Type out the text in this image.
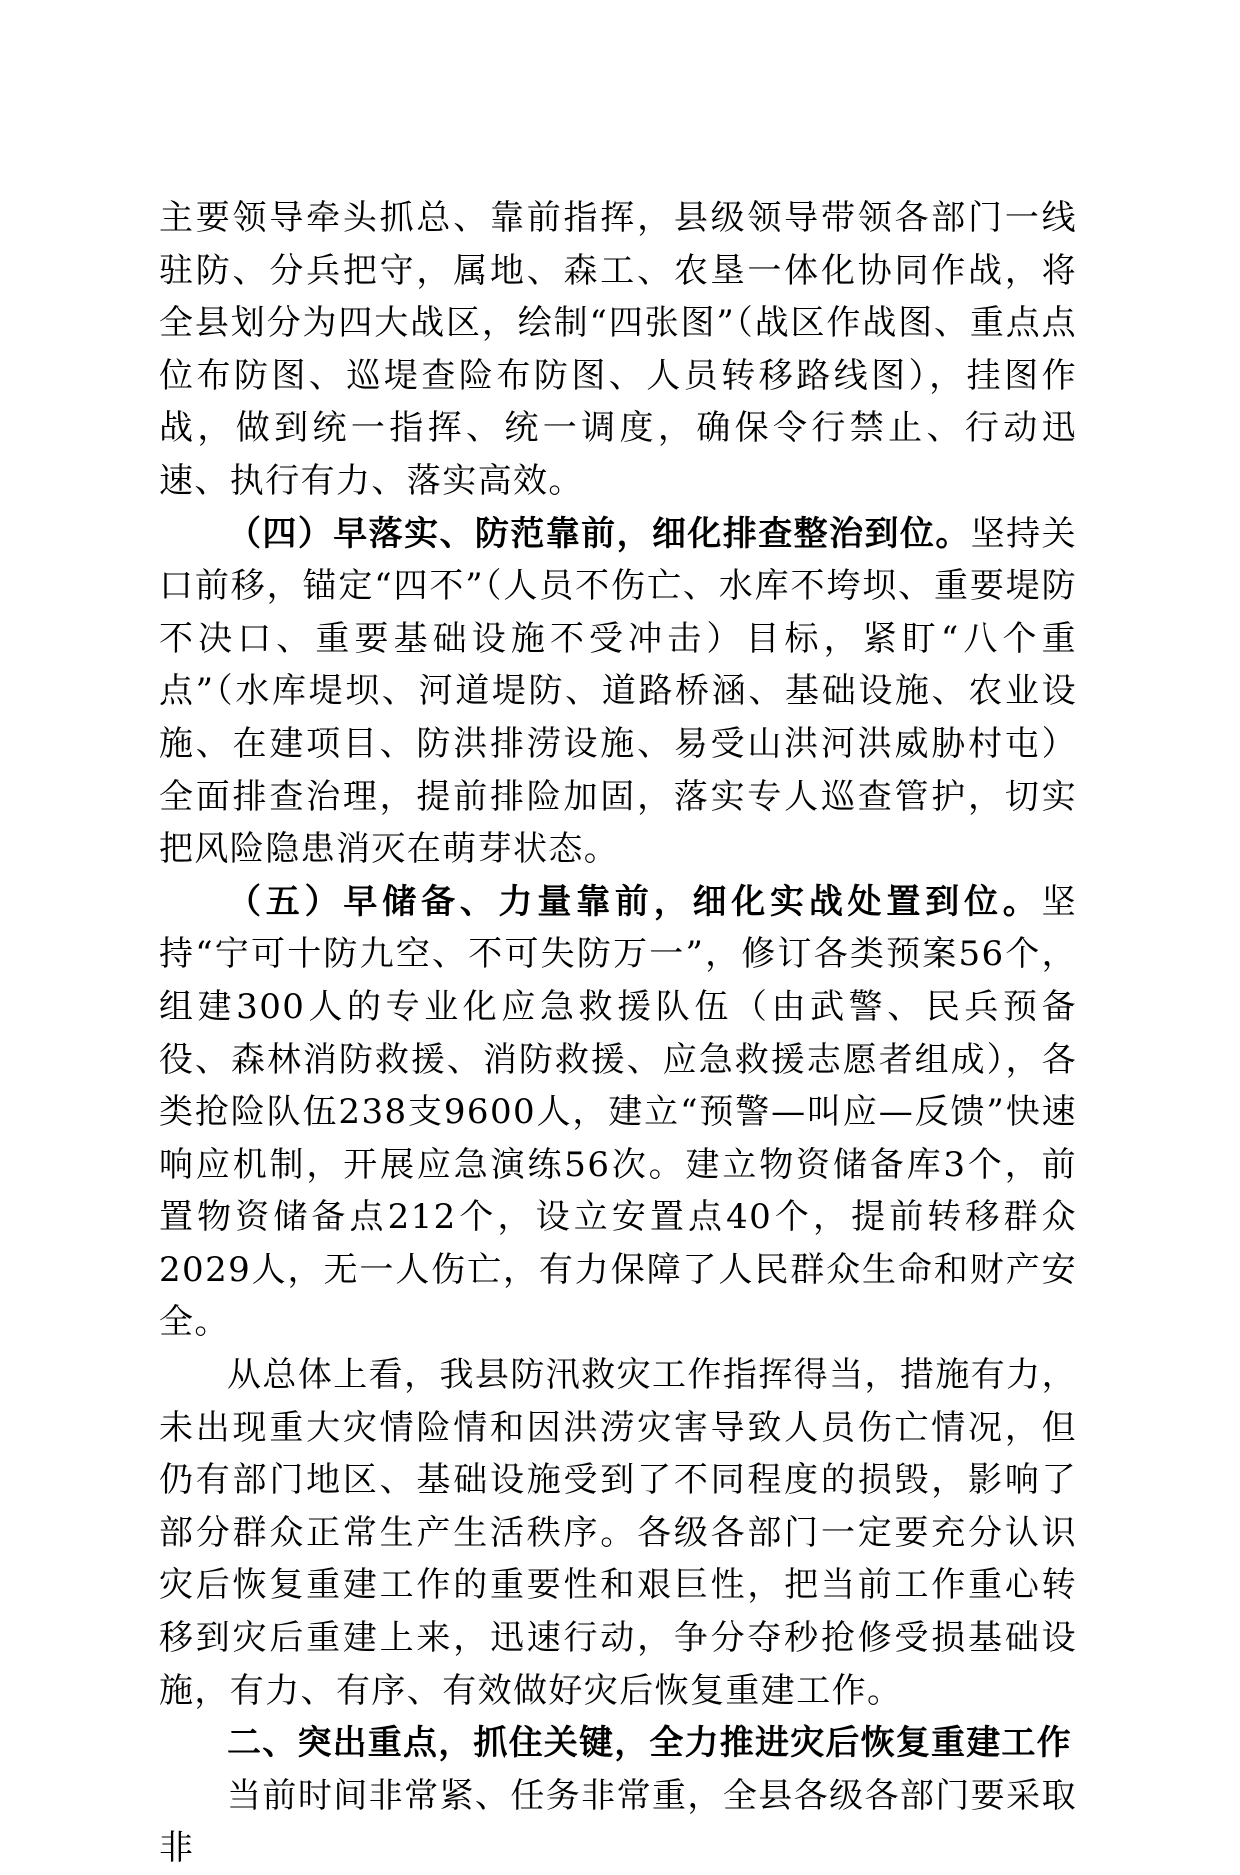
主要领导牵头抓总、靠前指挥，县级领导带领各部门一线驻防、分兵把守，属地、森工、农垦一体化协同作战，将全县划分为四大战区，绘制“四张图”（战区作战图、重点点位布防图、巡堤查险布防图、人员转移路线图），挂图作战，做到统一指挥、统一调度，确保令行禁止、行动迅速、执行有力、落实高效。

（四）早落实、防范靠前，细化排查整治到位。坚持关口前移，锚定“四不”（人员不伤亡、水库不垮坝、重要堤防不决口、重要基础设施不受冲击）目标，紧盯“八个重点”（水库堤坝、河道堤防、道路桥涵、基础设施、农业设施、在建项目、防洪排涝设施、易受山洪河洪威胁村屯）全面排查治理，提前排险加固，落实专人巡查管护，切实把风险隐患消灭在萌芽状态。

（五）早储备、力量靠前，细化实战处置到位。坚持“宁可十防九空、不可失防万一”，修订各类预案56个，组建300人的专业化应急救援队伍（由武警、民兵预备役、森林消防救援、消防救援、应急救援志愿者组成），各类抢险队伍238支9600人，建立“预警—叫应—反馈”快速响应机制，开展应急演练56次。建立物资储备库3个，前置物资储备点212个，设立安置点40个，提前转移群众2029人，无一人伤亡，有力保障了人民群众生命和财产安全。

从总体上看，我县防汛救灾工作指挥得当，措施有力，未出现重大灾情险情和因洪涝灾害导致人员伤亡情况，但仍有部门地区、基础设施受到了不同程度的损毁，影响了部分群众正常生产生活秩序。各级各部门一定要充分认识灾后恢复重建工作的重要性和艰巨性，把当前工作重心转移到灾后重建上来，迅速行动，争分夺秒抢修受损基础设施，有力、有序、有效做好灾后恢复重建工作。

二、突出重点，抓住关键，全力推进灾后恢复重建工作

当前时间非常紧、任务非常重，全县各级各部门要采取非
